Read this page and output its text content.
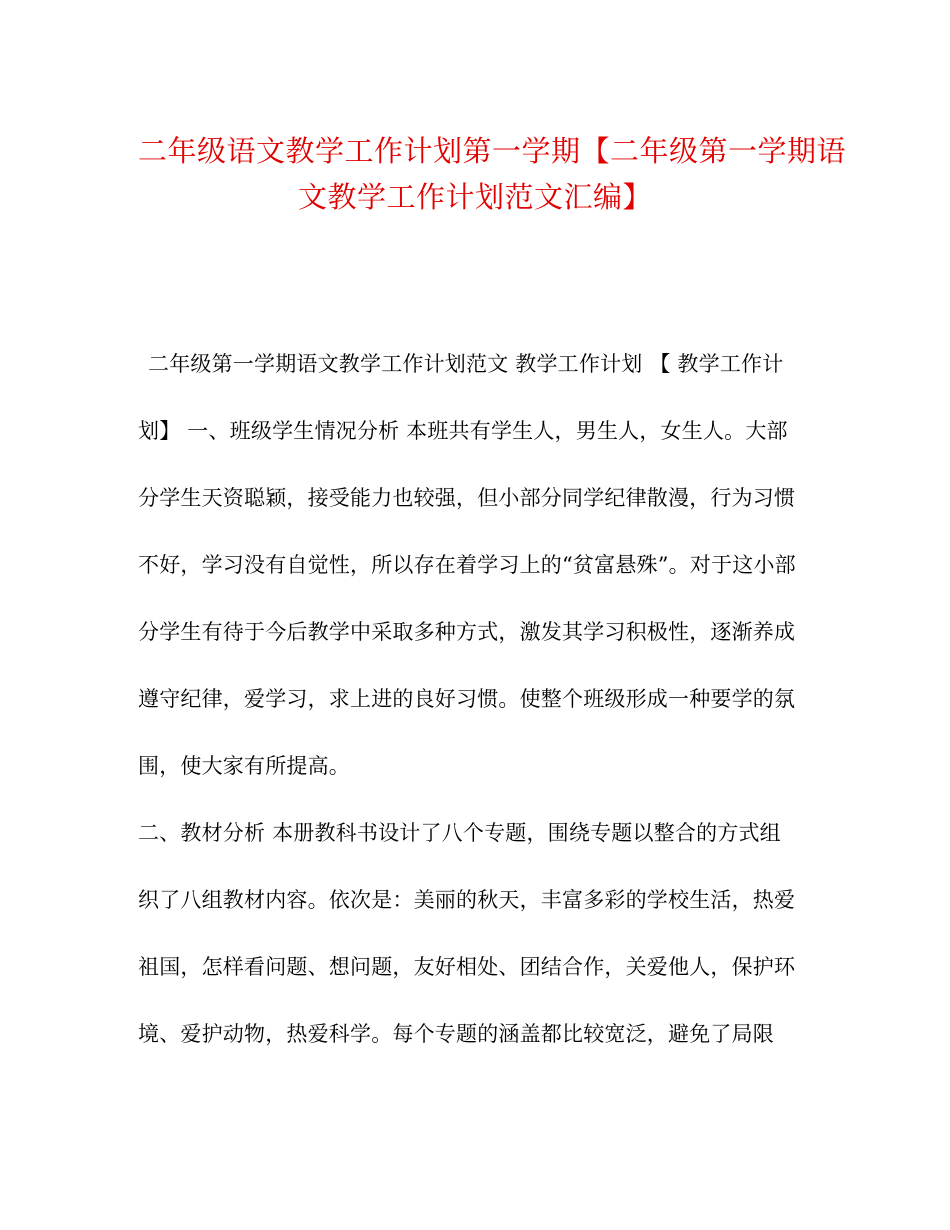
二年级语文教学工作计划第一学期【二年级第一学期语
文教学工作计划范文汇编】
二年级第一学期语文教学工作计划范文 教学工作计划 【 教学工作计
划】 一、班级学生情况分析 本班共有学生人，男生人，女生人。大部
分学生天资聪颖，接受能力也较强，但小部分同学纪律散漫，行为习惯
不好，学习没有自觉性，所以存在着学习上的“贫富悬殊”。对于这小部
分学生有待于今后教学中采取多种方式，激发其学习积极性，逐渐养成
遵守纪律，爱学习，求上进的良好习惯。使整个班级形成一种要学的氛
围，使大家有所提高。
二、教材分析 本册教科书设计了八个专题，围绕专题以整合的方式组
织了八组教材内容。依次是：美丽的秋天，丰富多彩的学校生活，热爱
祖国，怎样看问题、想问题，友好相处、团结合作，关爱他人，保护环
境、爱护动物，热爱科学。每个专题的涵盖都比较宽泛，避免了局限
